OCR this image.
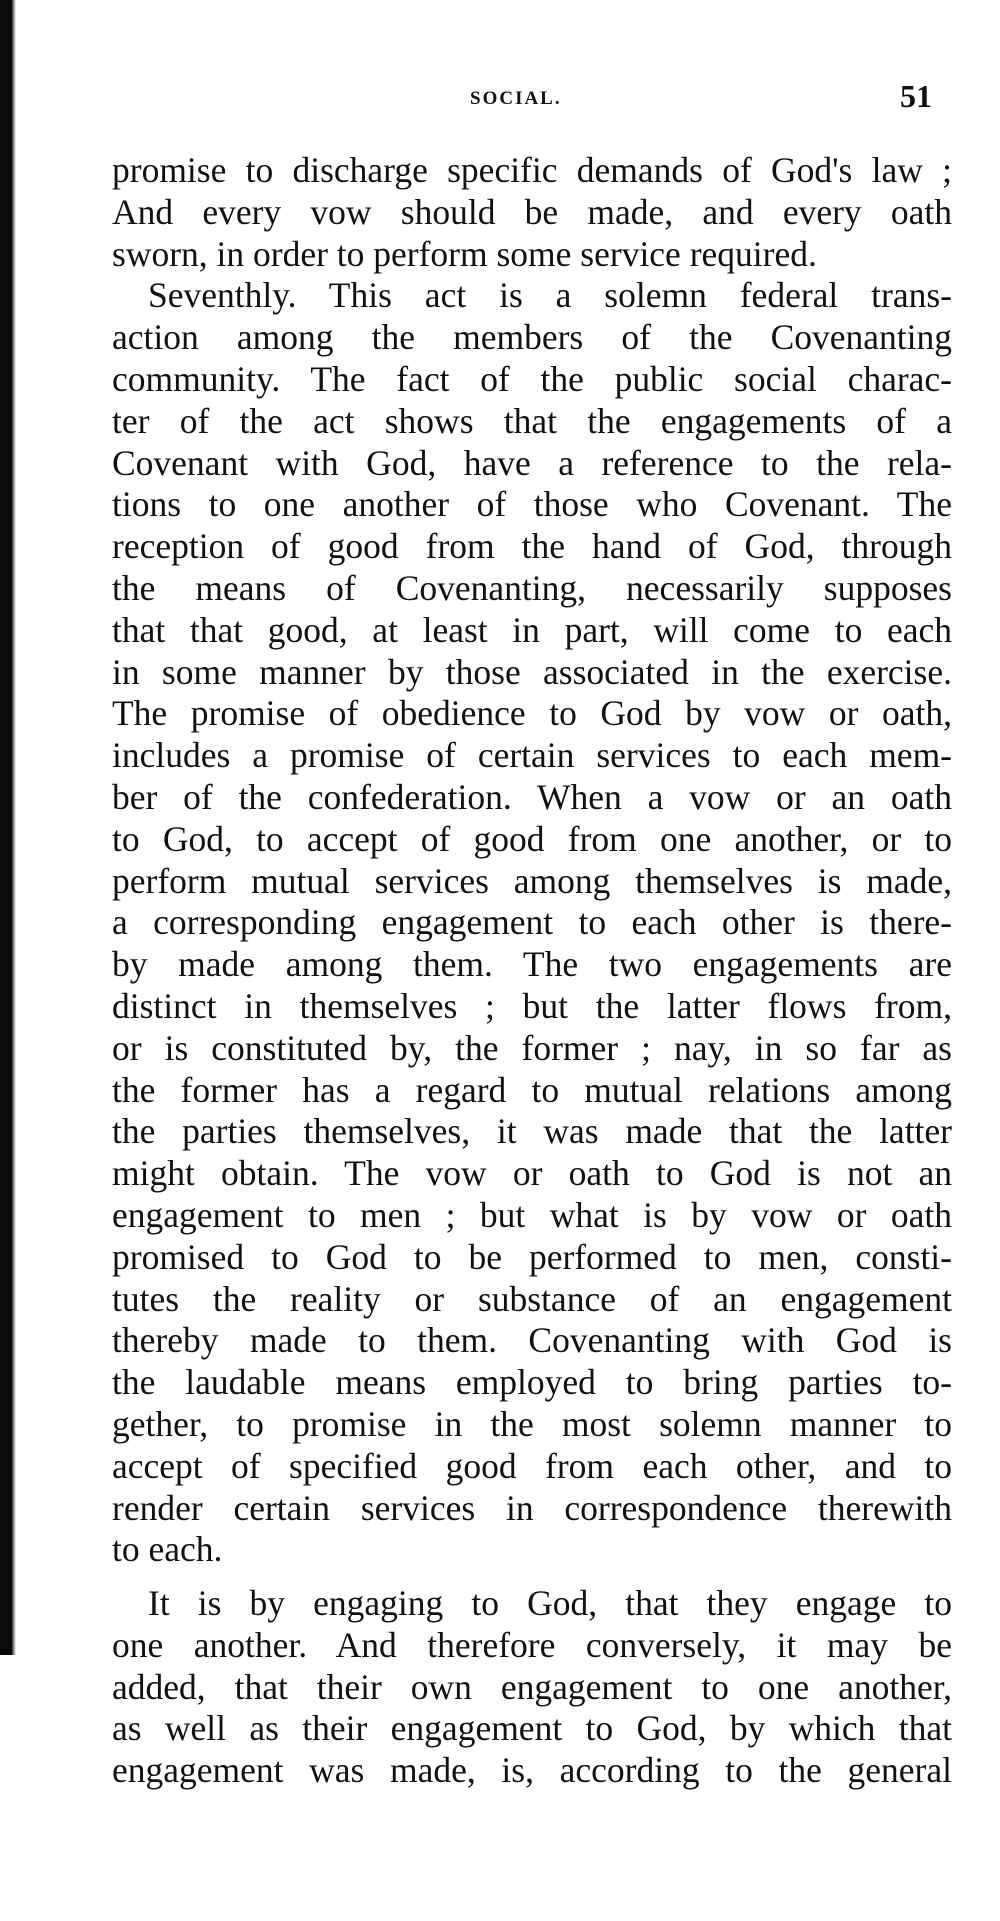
SOCIAL.	51
promise to discharge specific demands of God's law ;
And every vow should be made, and every oath
sworn, in order to perform some service required.
Seventhly. This act is a solemn federal trans-
action among the members of the Covenanting
community. The fact of the public social charac-
ter of the act shows that the engagements of a
Covenant with God, have a reference to the rela-
tions to one another of those who Covenant. The
reception of good from the hand of God, through
the means of Covenanting, necessarily supposes
that that good, at least in part, will come to each
in some manner by those associated in the exercise.
The promise of obedience to God by vow or oath,
includes a promise of certain services to each mem-
ber of the confederation. When a vow or an oath
to God, to accept of good from one another, or to
perform mutual services among themselves is made,
a corresponding engagement to each other is there-
by made among them. The two engagements are
distinct in themselves ; but the latter flows from,
or is constituted by, the former ; nay, in so far as
the former has a regard to mutual relations among
the parties themselves, it was made that the latter
might obtain. The vow or oath to God is not an
engagement to men ; but what is by vow or oath
promised to God to be performed to men, consti-
tutes the reality or substance of an engagement
thereby made to them. Covenanting with God is
the laudable means employed to bring parties to-
gether, to promise in the most solemn manner to
accept of specified good from each other, and to
render certain services in correspondence therewith
to each.
It is by engaging to God, that they engage to
one another. And therefore conversely, it may be
added, that their own engagement to one another,
as well as their engagement to God, by which that
engagement was made, is, according to the general
